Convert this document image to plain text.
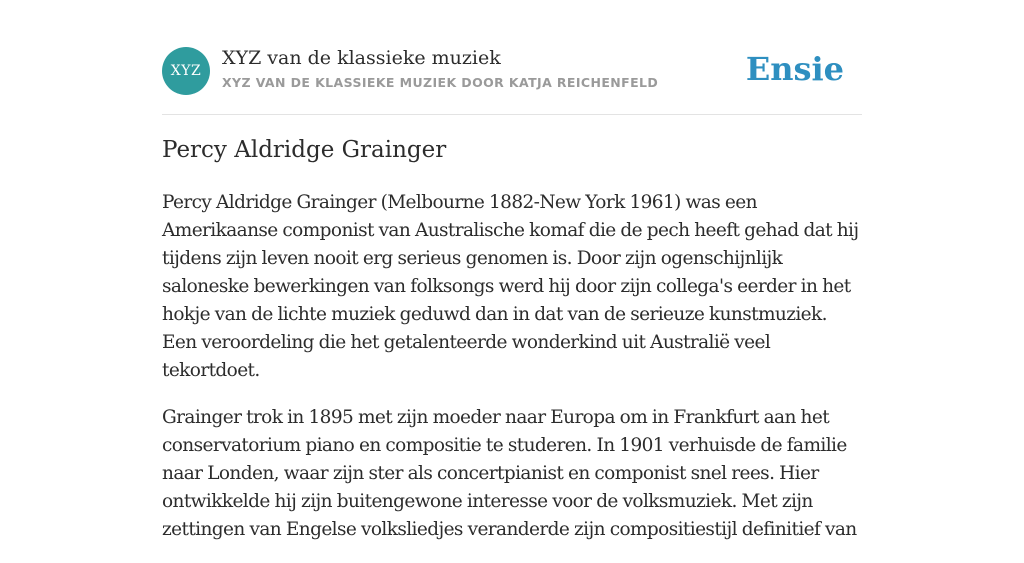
XYZ
XYZ van de klassieke muziek
XYZ VAN DE KLASSIEKE MUZIEK DOOR KATJA REICHENFELD	Ensie
Percy Aldridge Grainger

Percy Aldridge Grainger (Melbourne 1882-New York 1961) was een Amerikaanse componist van Australische komaf die de pech heeft gehad dat hij tijdens zijn leven nooit erg serieus genomen is. Door zijn ogenschijnlijk saloneske bewerkingen van folksongs werd hij door zijn collega's eerder in het hokje van de lichte muziek geduwd dan in dat van de serieuze kunstmuziek. Een veroordeling die het getalenteerde wonderkind uit Australië veel tekortdoet.

Grainger trok in 1895 met zijn moeder naar Europa om in Frankfurt aan het conservatorium piano en compositie te studeren. In 1901 verhuisde de familie naar Londen, waar zijn ster als concertpianist en componist snel rees. Hier ontwikkelde hij zijn buitengewone interesse voor de volksmuziek. Met zijn zettingen van Engelse volksliedjes veranderde zijn compositiestijl definitief van
